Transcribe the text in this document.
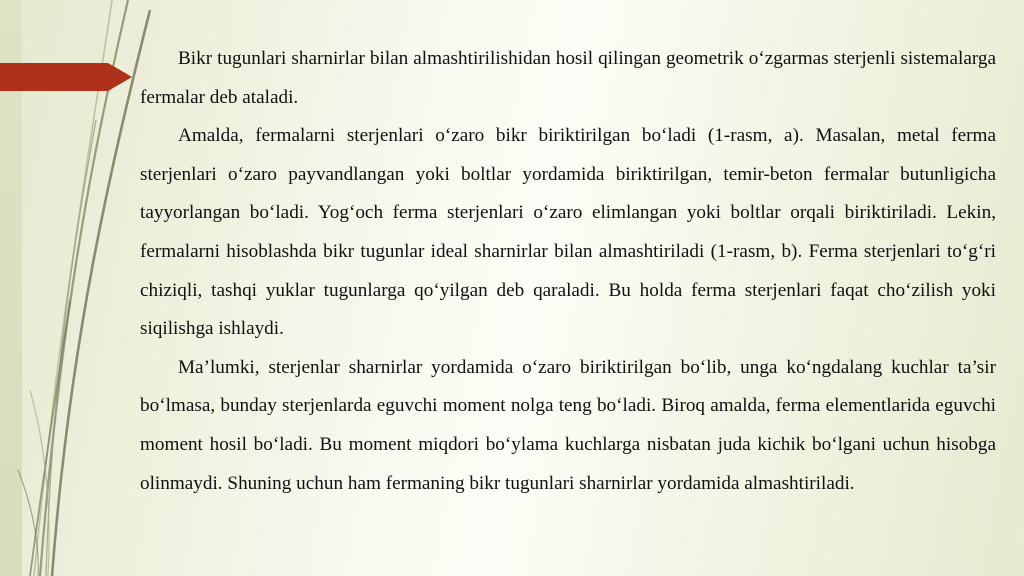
Bikr tugunlari sharnirlar bilan almashtirilishidan hosil qilingan geometrik o‘zgarmas sterjenli sistemalarga fermalar deb ataladi.

Amalda, fermalarni sterjenlari o‘zaro bikr biriktirilgan bo‘ladi (1-rasm, a). Masalan, metal ferma sterjenlari o‘zaro payvandlangan yoki boltlar yordamida biriktirilgan, temir-beton fermalar butunligicha tayyorlangan bo‘ladi. Yog‘och ferma sterjenlari o‘zaro elimlangan yoki boltlar orqali biriktiriladi. Lekin, fermalarni hisoblashda bikr tugunlar ideal sharnirlar bilan almashtiriladi (1-rasm, b). Ferma sterjenlari to‘g‘ri chiziqli, tashqi yuklar tugunlarga qo‘yilgan deb qaraladi. Bu holda ferma sterjenlari faqat cho‘zilish yoki siqilishga ishlaydi.

Ma’lumki, sterjenlar sharnirlar yordamida o‘zaro biriktirilgan bo‘lib, unga ko‘ngdalang kuchlar ta’sir bo‘lmasa, bunday sterjenlarda eguvchi moment nolga teng bo‘ladi. Biroq amalda, ferma elementlarida eguvchi moment hosil bo‘ladi. Bu moment miqdori bo‘ylama kuchlarga nisbatan juda kichik bo‘lgani uchun hisobga olinmaydi. Shuning uchun ham fermaning bikr tugunlari sharnirlar yordamida almashtiriladi.
